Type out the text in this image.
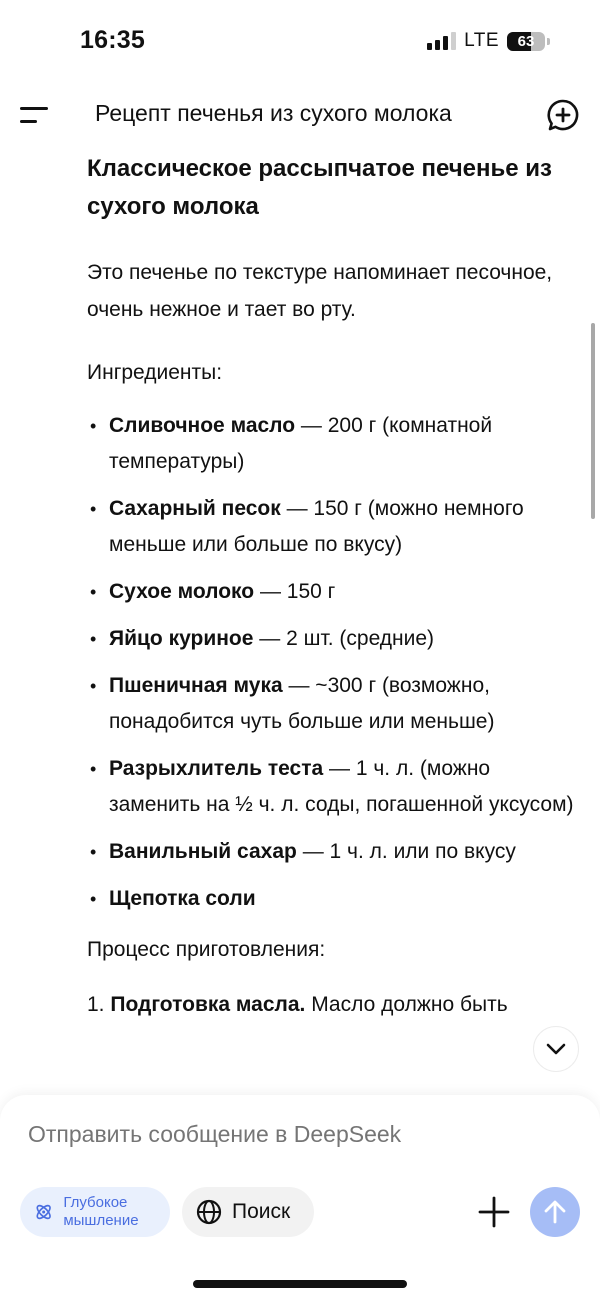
16:35	LTE	63
Рецепт печенья из сухого молока
Классическое рассыпчатое печенье из сухого молока
Это печенье по текстуре напоминает песочное, очень нежное и тает во рту.
Ингредиенты:
• Сливочное масло — 200 г (комнатной температуры)
• Сахарный песок — 150 г (можно немного меньше или больше по вкусу)
• Сухое молоко — 150 г
• Яйцо куриное — 2 шт. (средние)
• Пшеничная мука — ~300 г (возможно, понадобится чуть больше или меньше)
• Разрыхлитель теста — 1 ч. л. (можно заменить на ½ ч. л. соды, погашенной уксусом)
• Ванильный сахар — 1 ч. л. или по вкусу
• Щепотка соли
Процесс приготовления:
1. Подготовка масла. Масло должно быть
Отправить сообщение в DeepSeek
Глубокое мышление	Поиск
